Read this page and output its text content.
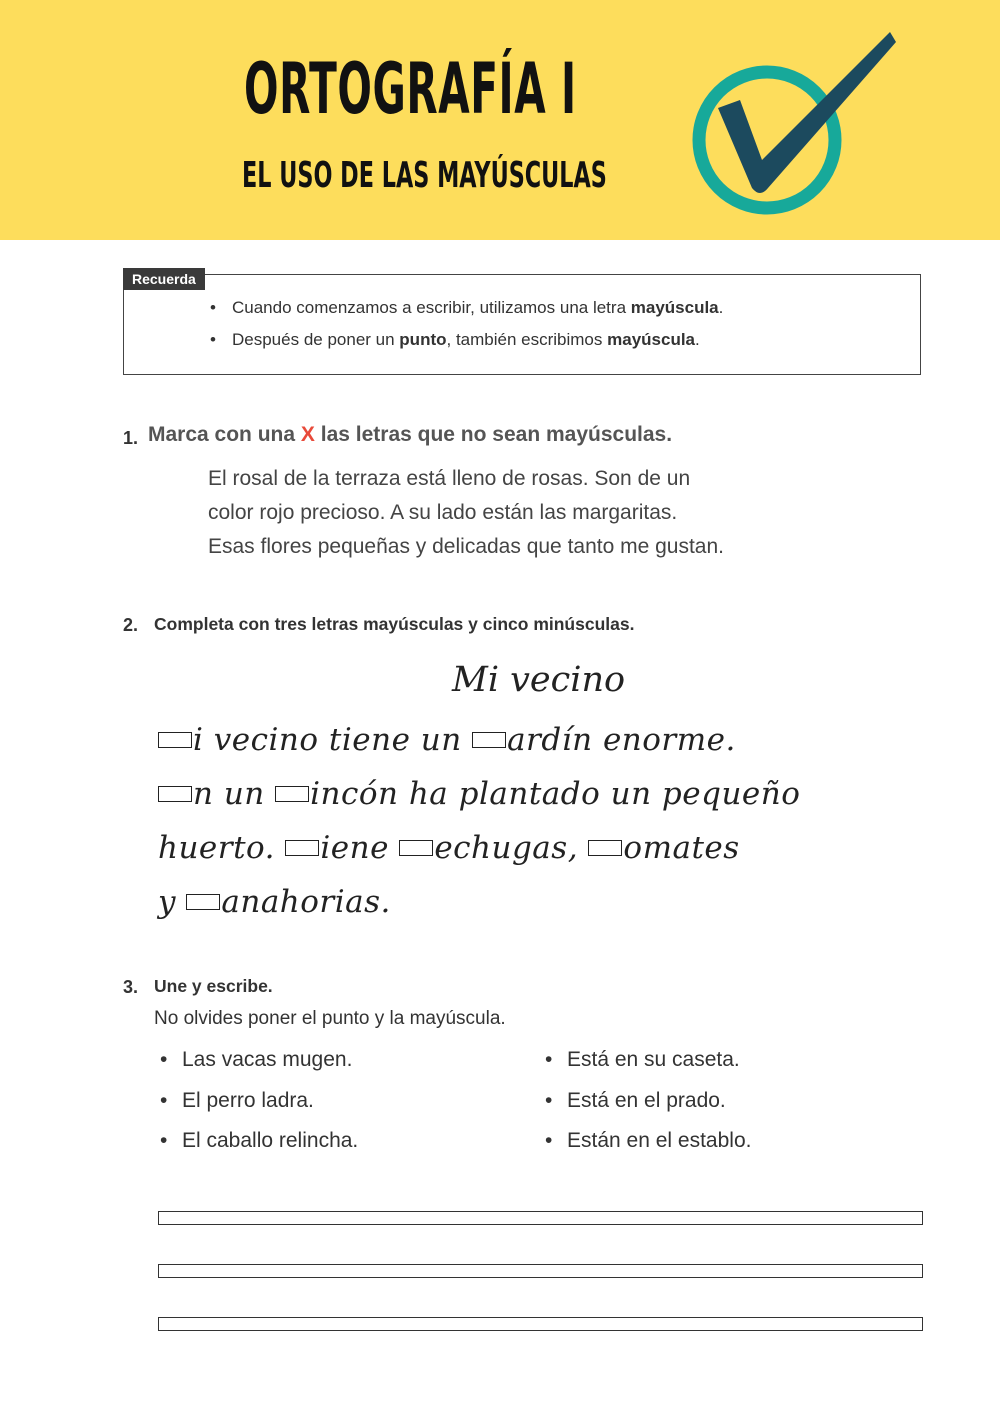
ORTOGRAFÍA I
EL USO DE LAS MAYÚSCULAS
Recuerda
• Cuando comenzamos a escribir, utilizamos una letra mayúscula.
• Después de poner un punto, también escribimos mayúscula.
1. Marca con una X las letras que no sean mayúsculas.
El rosal de la terraza está lleno de rosas. Son de un
color rojo precioso. A su lado están las margaritas.
Esas flores pequeñas y delicadas que tanto me gustan.
2. Completa con tres letras mayúsculas y cinco minúsculas.
Mi vecino
i vecino tiene un ardín enorme.
n un incón ha plantado un pequeño
huerto. iene echugas, omates
y anahorias.
3. Une y escribe.
No olvides poner el punto y la mayúscula.
• Las vacas mugen.
• El perro ladra.
• El caballo relincha.
• Está en su caseta.
• Está en el prado.
• Están en el establo.
